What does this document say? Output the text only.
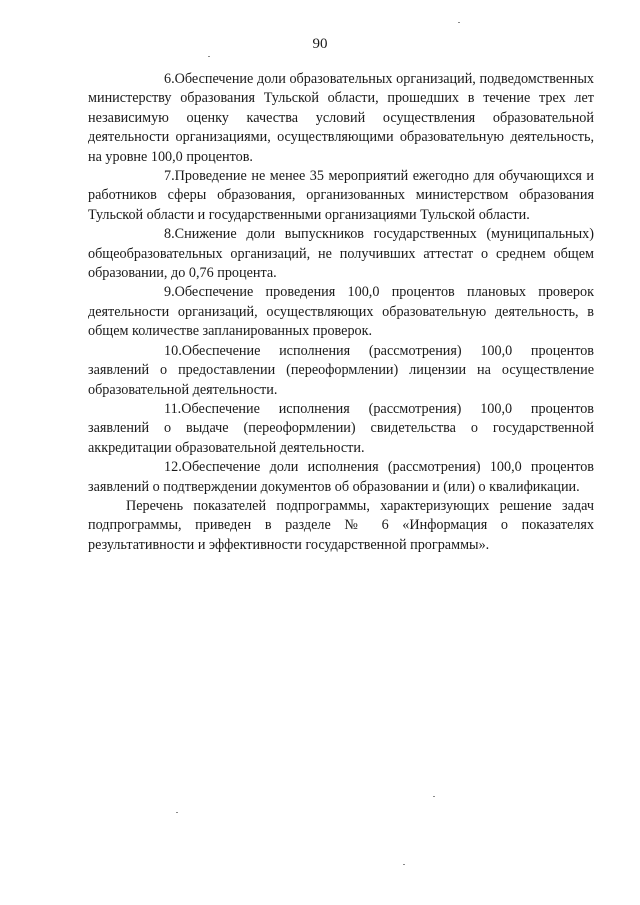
90

6.Обеспечение доли образовательных организаций, подведомственных министерству образования Тульской области, прошедших в течение трех лет независимую оценку качества условий осуществления образовательной деятельности организациями, осуществляющими образовательную деятельность, на уровне 100,0 процентов.

7.Проведение не менее 35 мероприятий ежегодно для обучающихся и работников сферы образования, организованных министерством образования Тульской области и государственными организациями Тульской области.

8.Снижение доли выпускников государственных (муниципальных) общеобразовательных организаций, не получивших аттестат о среднем общем образовании, до 0,76 процента.

9.Обеспечение проведения 100,0 процентов плановых проверок деятельности организаций, осуществляющих образовательную деятельность, в общем количестве запланированных проверок.

10.Обеспечение исполнения (рассмотрения) 100,0 процентов заявлений о предоставлении (переоформлении) лицензии на осуществление образовательной деятельности.

11.Обеспечение исполнения (рассмотрения) 100,0 процентов заявлений о выдаче (переоформлении) свидетельства о государственной аккредитации образовательной деятельности.

12.Обеспечение доли исполнения (рассмотрения) 100,0 процентов заявлений о подтверждении документов об образовании и (или) о квалификации.

Перечень показателей подпрограммы, характеризующих решение задач подпрограммы, приведен в разделе № 6 «Информация о показателях результативности и эффективности государственной программы».
